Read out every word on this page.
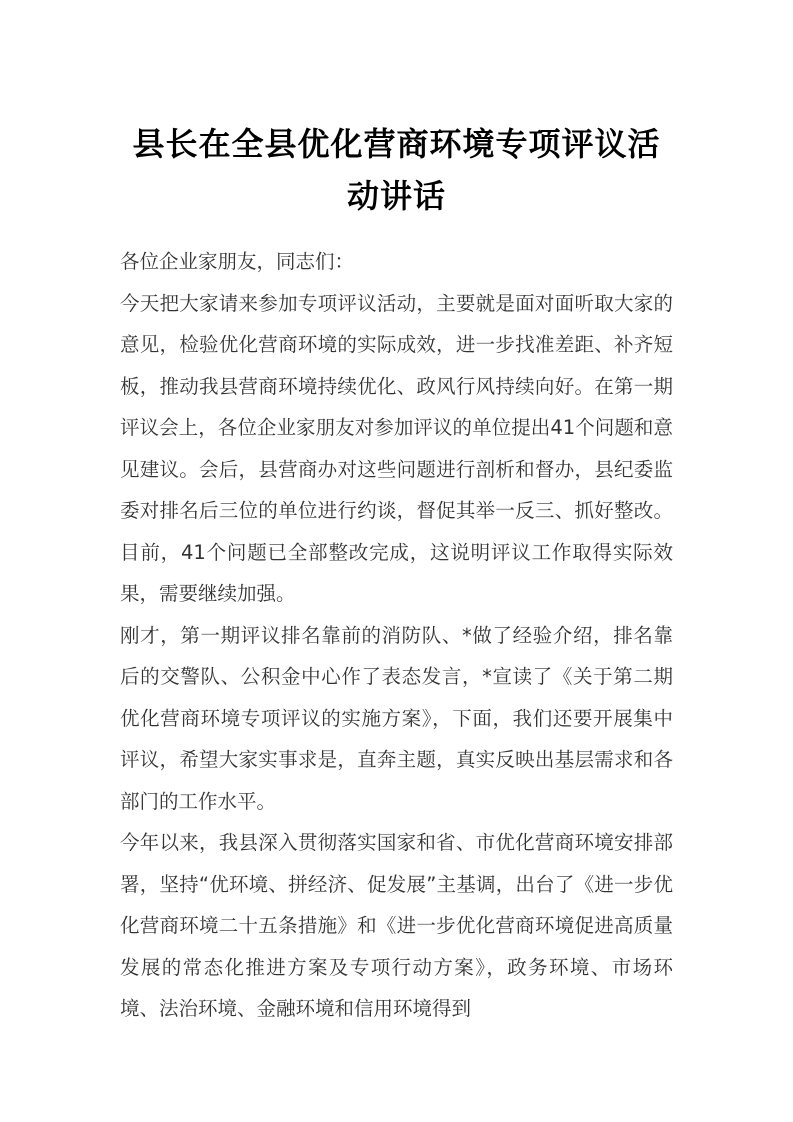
县长在全县优化营商环境专项评议活动讲话

各位企业家朋友，同志们：

今天把大家请来参加专项评议活动，主要就是面对面听取大家的意见，检验优化营商环境的实际成效，进一步找准差距、补齐短板，推动我县营商环境持续优化、政风行风持续向好。在第一期评议会上，各位企业家朋友对参加评议的单位提出41个问题和意见建议。会后，县营商办对这些问题进行剖析和督办，县纪委监委对排名后三位的单位进行约谈，督促其举一反三、抓好整改。目前，41个问题已全部整改完成，这说明评议工作取得实际效果，需要继续加强。

刚才，第一期评议排名靠前的消防队、*做了经验介绍，排名靠后的交警队、公积金中心作了表态发言，*宣读了《关于第二期优化营商环境专项评议的实施方案》，下面，我们还要开展集中评议，希望大家实事求是，直奔主题，真实反映出基层需求和各部门的工作水平。

今年以来，我县深入贯彻落实国家和省、市优化营商环境安排部署，坚持“优环境、拼经济、促发展”主基调，出台了《进一步优化营商环境二十五条措施》和《进一步优化营商环境促进高质量发展的常态化推进方案及专项行动方案》，政务环境、市场环境、法治环境、金融环境和信用环境得到
